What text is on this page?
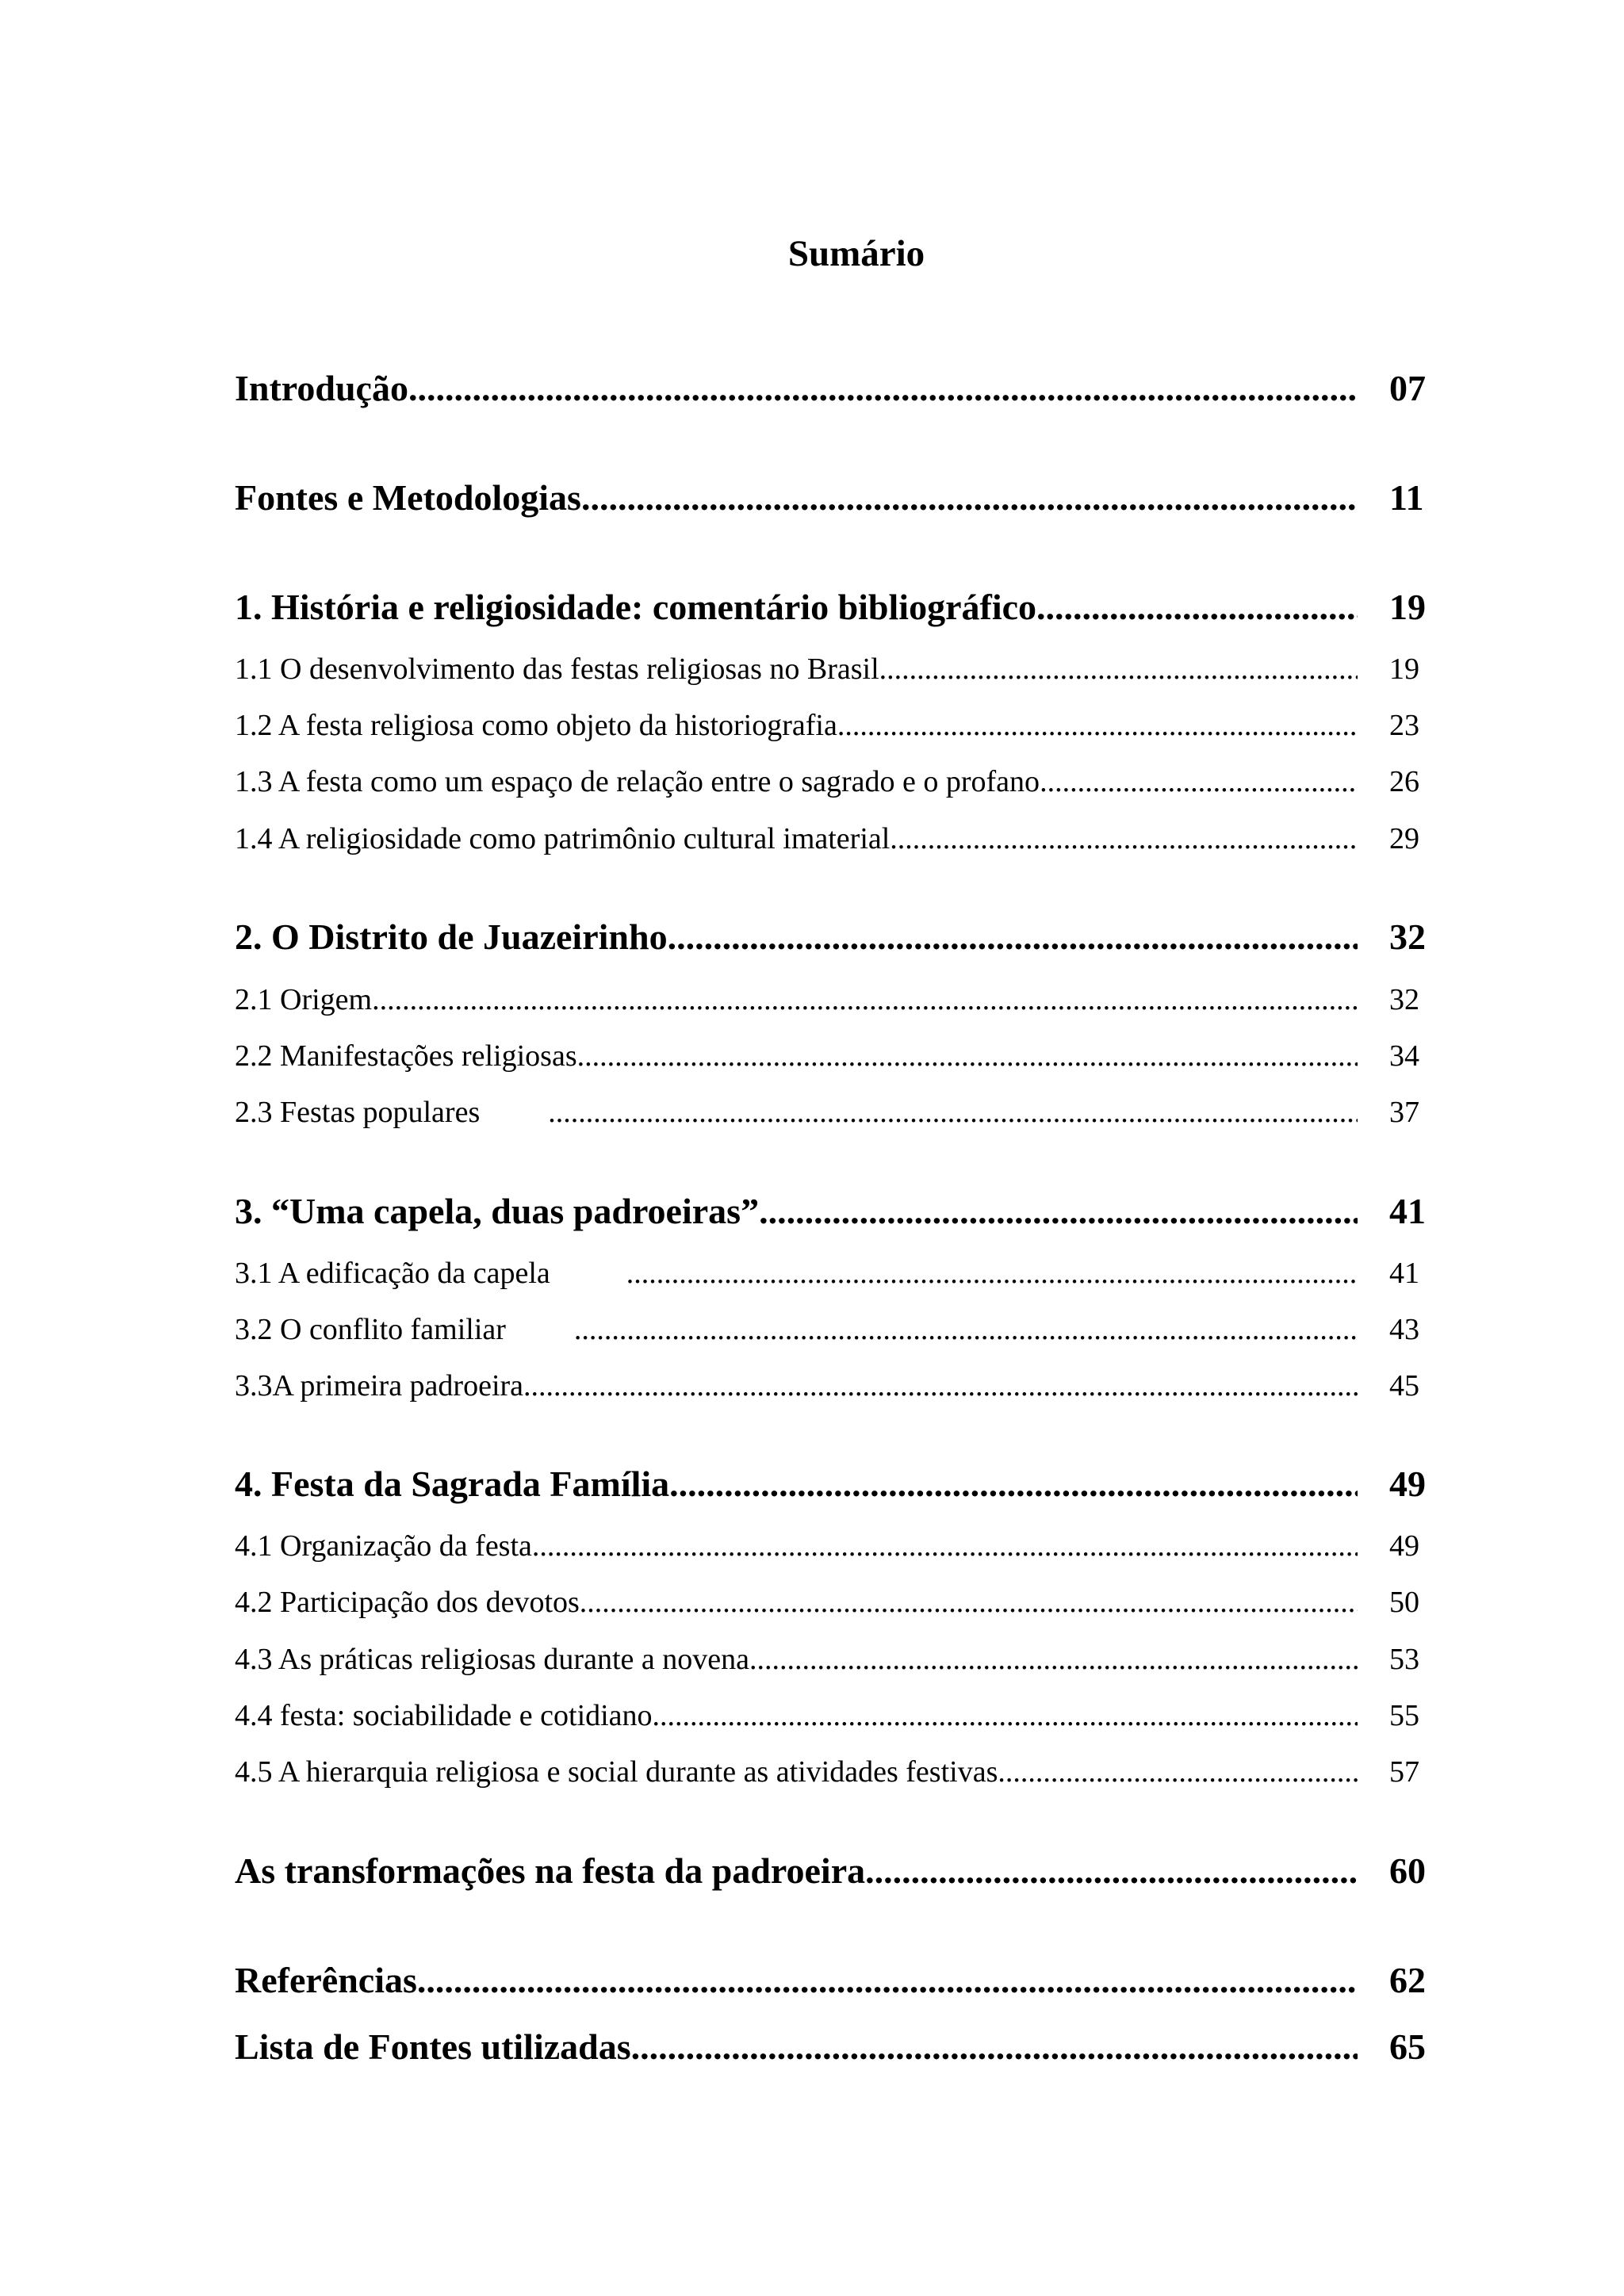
Sumário
Introdução .....	07
Fontes e Metodologias .....	11
1. História e religiosidade: comentário bibliográfico .....	19
1.1 O desenvolvimento das festas religiosas no Brasil .....	19
1.2 A festa religiosa como objeto da historiografia .....	23
1.3 A festa como um espaço de relação entre o sagrado e o profano .....	26
1.4 A religiosidade como patrimônio cultural imaterial .....	29
2. O Distrito de Juazeirinho .....	32
2.1 Origem .....	32
2.2 Manifestações religiosas .....	34
2.3 Festas populares .....	37
3. “Uma capela, duas padroeiras” .....	41
3.1 A edificação da capela .....	41
3.2 O conflito familiar .....	43
3.3A primeira padroeira .....	45
4. Festa da Sagrada Família .....	49
4.1 Organização da festa. .....	49
4.2 Participação dos devotos .....	50
4.3 As práticas religiosas durante a novena .....	53
4.4 festa: sociabilidade e cotidiano .....	55
4.5 A hierarquia religiosa e social durante as atividades festivas .....	57
As transformações na festa da padroeira .....	60
Referências .....	62
Lista de Fontes utilizadas .....	65
